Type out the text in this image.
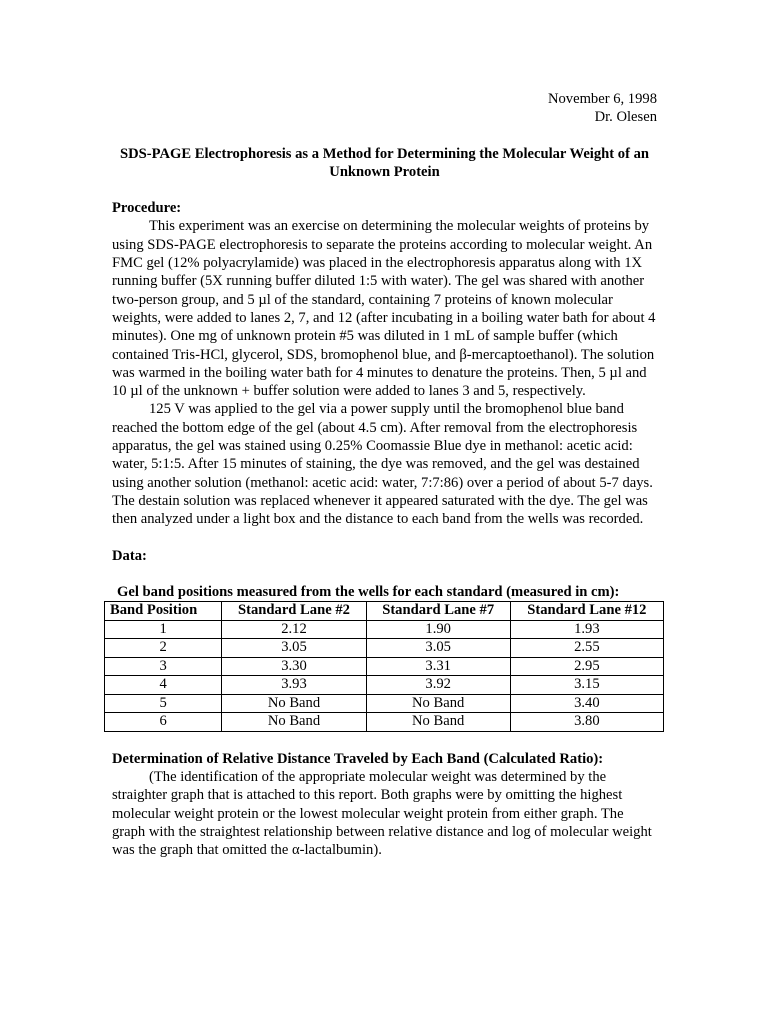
November 6, 1998
Dr. Olesen
SDS-PAGE Electrophoresis as a Method for Determining the Molecular Weight of an Unknown Protein
Procedure:
This experiment was an exercise on determining the molecular weights of proteins by using SDS-PAGE electrophoresis to separate the proteins according to molecular weight. An FMC gel (12% polyacrylamide) was placed in the electrophoresis apparatus along with 1X running buffer (5X running buffer diluted 1:5 with water). The gel was shared with another two-person group, and 5 µl of the standard, containing 7 proteins of known molecular weights, were added to lanes 2, 7, and 12 (after incubating in a boiling water bath for about 4 minutes). One mg of unknown protein #5 was diluted in 1 mL of sample buffer (which contained Tris-HCl, glycerol, SDS, bromophenol blue, and β-mercaptoethanol). The solution was warmed in the boiling water bath for 4 minutes to denature the proteins. Then, 5 µl and 10 µl of the unknown + buffer solution were added to lanes 3 and 5, respectively.
125 V was applied to the gel via a power supply until the bromophenol blue band reached the bottom edge of the gel (about 4.5 cm). After removal from the electrophoresis apparatus, the gel was stained using 0.25% Coomassie Blue dye in methanol: acetic acid: water, 5:1:5. After 15 minutes of staining, the dye was removed, and the gel was destained using another solution (methanol: acetic acid: water, 7:7:86) over a period of about 5-7 days. The destain solution was replaced whenever it appeared saturated with the dye. The gel was then analyzed under a light box and the distance to each band from the wells was recorded.
Data:
Gel band positions measured from the wells for each standard (measured in cm):
Band Position	Standard Lane #2	Standard Lane #7	Standard Lane #12
1	2.12	1.90	1.93
2	3.05	3.05	2.55
3	3.30	3.31	2.95
4	3.93	3.92	3.15
5	No Band	No Band	3.40
6	No Band	No Band	3.80
Determination of Relative Distance Traveled by Each Band (Calculated Ratio):
(The identification of the appropriate molecular weight was determined by the straighter graph that is attached to this report. Both graphs were by omitting the highest molecular weight protein or the lowest molecular weight protein from either graph. The graph with the straightest relationship between relative distance and log of molecular weight was the graph that omitted the α-lactalbumin).
